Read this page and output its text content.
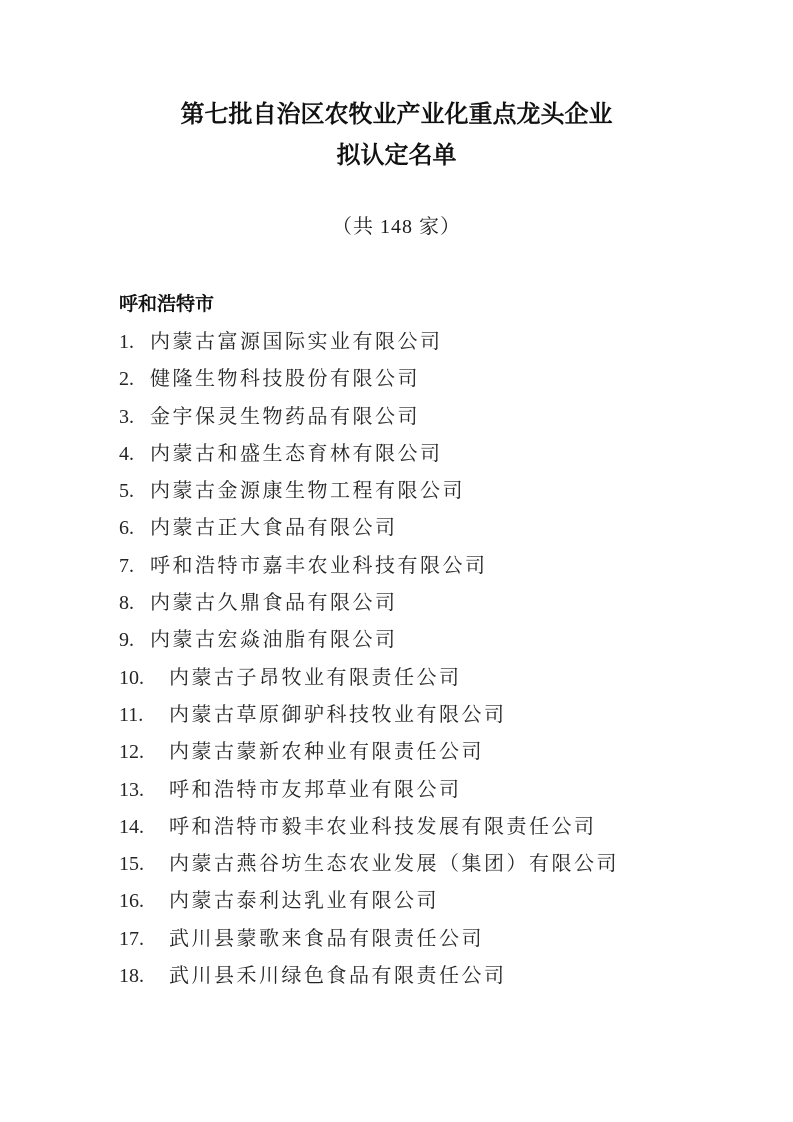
第七批自治区农牧业产业化重点龙头企业
拟认定名单
（共 148 家）
呼和浩特市
1. 内蒙古富源国际实业有限公司
2. 健隆生物科技股份有限公司
3. 金宇保灵生物药品有限公司
4. 内蒙古和盛生态育林有限公司
5. 内蒙古金源康生物工程有限公司
6. 内蒙古正大食品有限公司
7. 呼和浩特市嘉丰农业科技有限公司
8. 内蒙古久鼎食品有限公司
9. 内蒙古宏焱油脂有限公司
10.	内蒙古子昂牧业有限责任公司
11.	内蒙古草原御驴科技牧业有限公司
12.	内蒙古蒙新农种业有限责任公司
13.	呼和浩特市友邦草业有限公司
14.	呼和浩特市毅丰农业科技发展有限责任公司
15.	内蒙古燕谷坊生态农业发展（集团）有限公司
16.	内蒙古泰利达乳业有限公司
17.	武川县蒙歌来食品有限责任公司
18.	武川县禾川绿色食品有限责任公司
